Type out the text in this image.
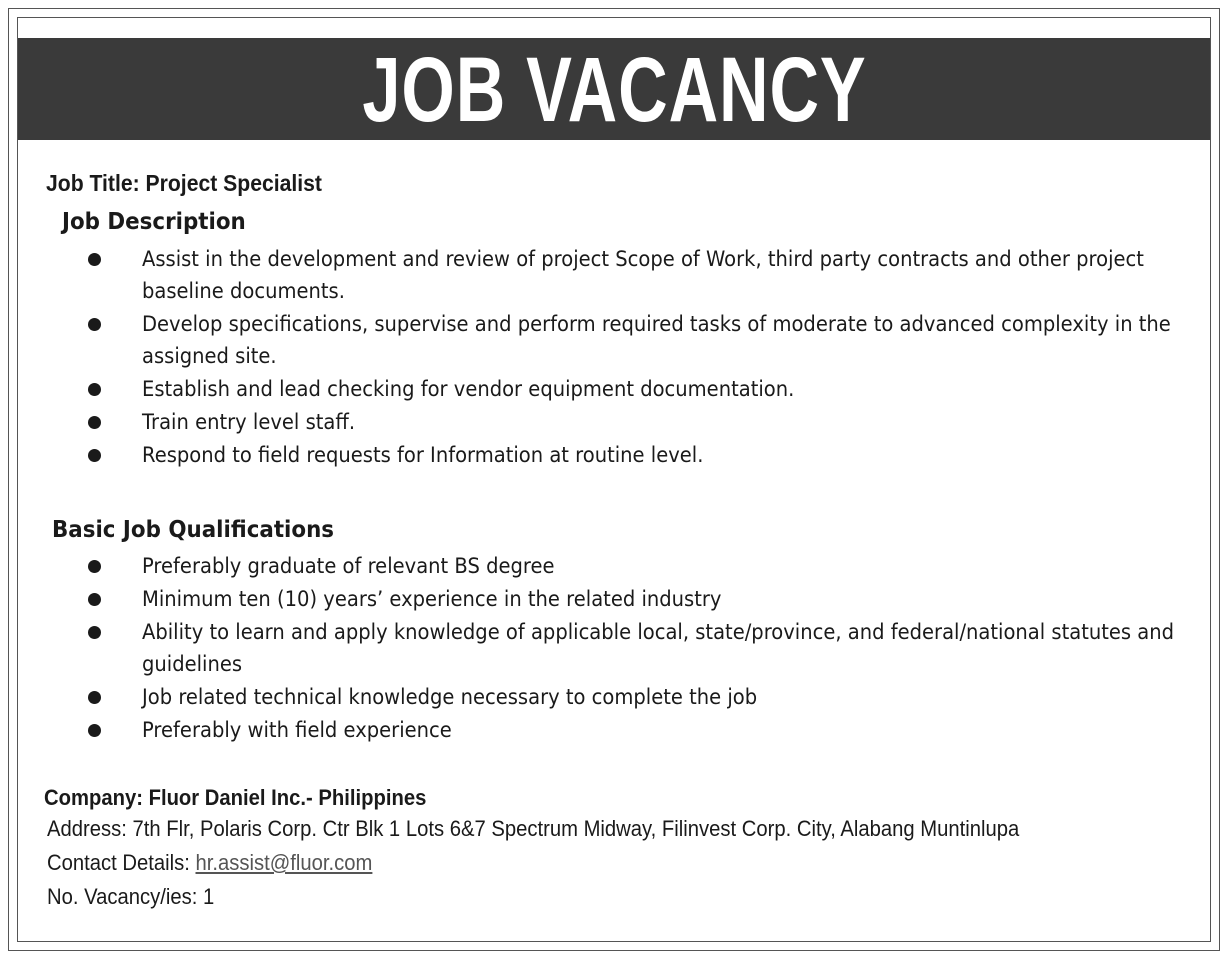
JOB VACANCY
Job Title: Project Specialist
Job Description
Assist in the development and review of project Scope of Work, third party contracts and other project baseline documents.
Develop specifications, supervise and perform required tasks of moderate to advanced complexity in the assigned site.
Establish and lead checking for vendor equipment documentation.
Train entry level staff.
Respond to field requests for Information at routine level.
Basic Job Qualifications
Preferably graduate of relevant BS degree
Minimum ten (10) years’ experience in the related industry
Ability to learn and apply knowledge of applicable local, state/province, and federal/national statutes and guidelines
Job related technical knowledge necessary to complete the job
Preferably with field experience
Company: Fluor Daniel Inc.- Philippines
Address: 7th Flr, Polaris Corp. Ctr Blk 1 Lots 6&7 Spectrum Midway, Filinvest Corp. City, Alabang Muntinlupa
Contact Details: hr.assist@fluor.com
No. Vacancy/ies: 1
